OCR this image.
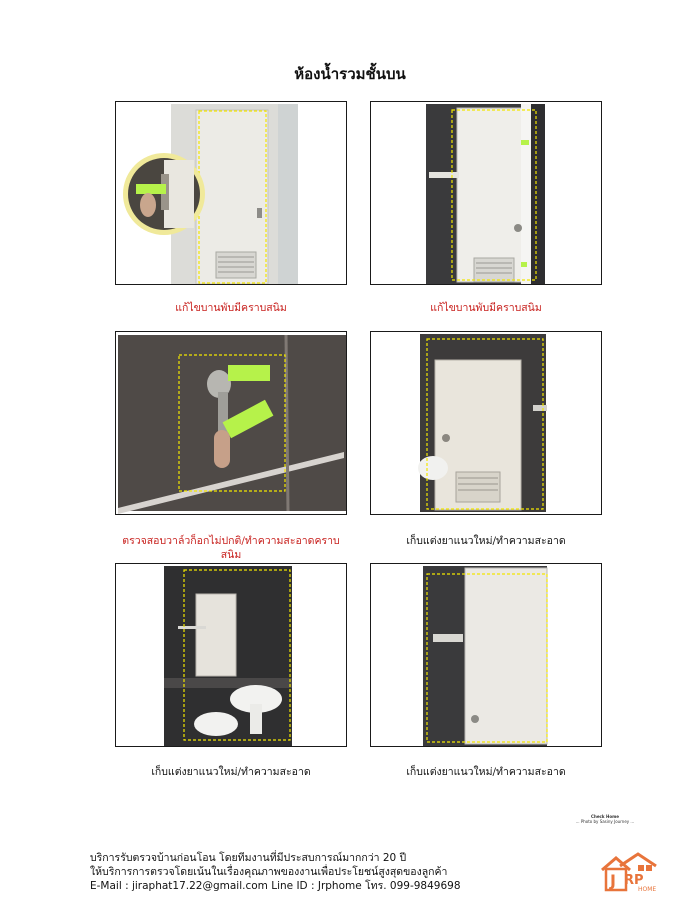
ห้องน้ำรวมชั้นบน
แก้ไขบานพับมีคราบสนิม	แก้ไขบานพับมีคราบสนิม
ตรวจสอบวาล์วก็อกไม่ปกติ/ทำความสะอาดคราบสนิม
เก็บแต่งยาแนวใหม่/ทำความสะอาด
เก็บแต่งยาแนวใหม่/ทำความสะอาด	เก็บแต่งยาแนวใหม่/ทำความสะอาด
Check Home
... Photo by Sasiny Journey ...
บริการรับตรวจบ้านก่อนโอน โดยทีมงานที่มีประสบการณ์มากกว่า 20 ปี
ให้บริการการตรวจโดยเน้นในเรื่องคุณภาพของงานเพื่อประโยชน์สูงสุดของลูกค้า
E-Mail : jiraphat17.22@gmail.com Line ID : Jrphome โทร. 099-9849698	J RP
HOME
